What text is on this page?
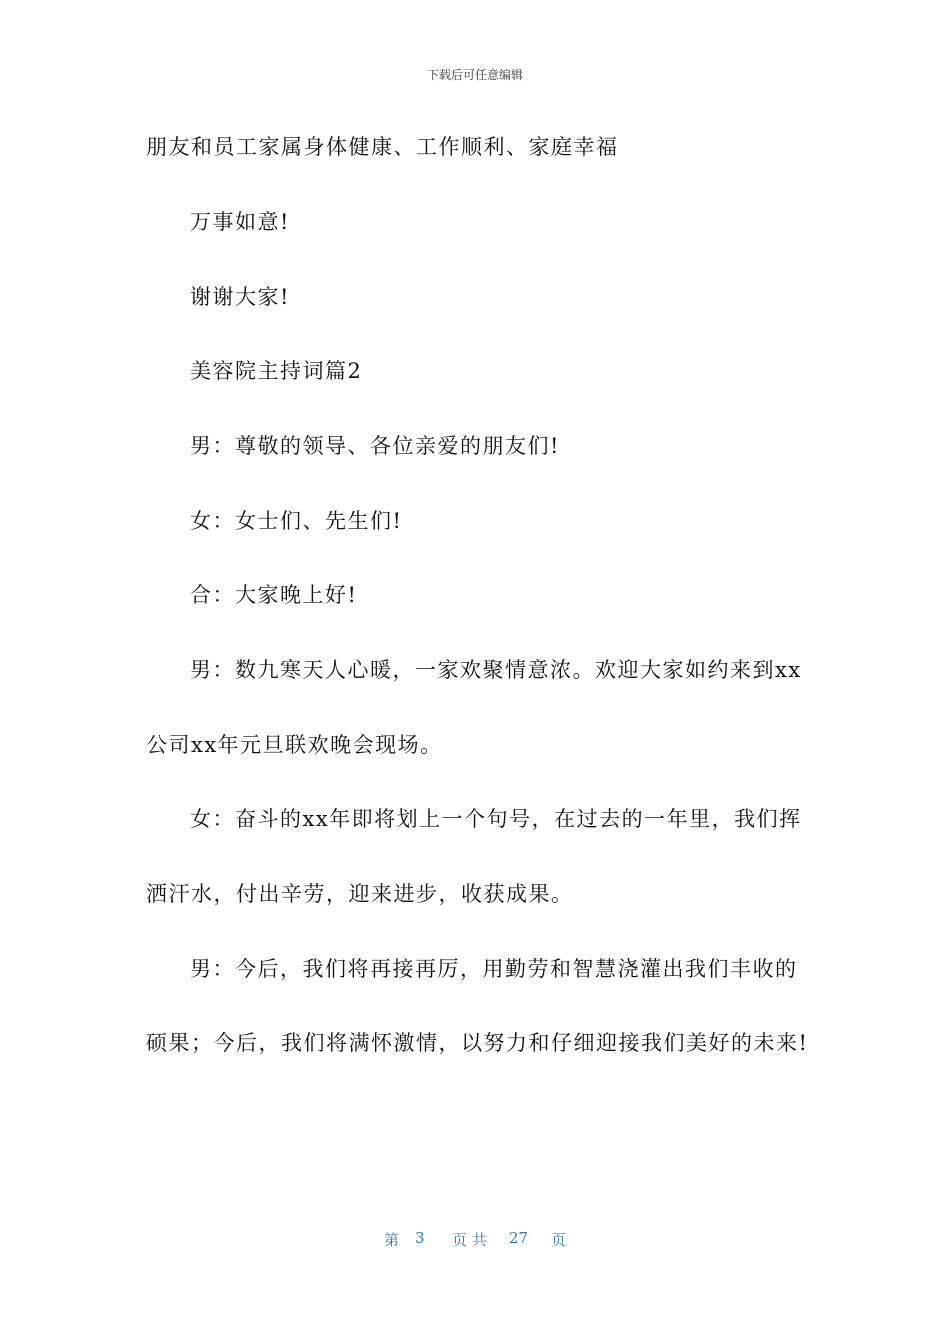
下载后可任意编辑
朋友和员工家属身体健康、工作顺利、家庭幸福
万事如意!
谢谢大家!
美容院主持词篇2
男：尊敬的领导、各位亲爱的朋友们!
女：女士们、先生们!
合：大家晚上好!
男：数九寒天人心暖，一家欢聚情意浓。欢迎大家如约来到xx
公司xx年元旦联欢晚会现场。
女：奋斗的xx年即将划上一个句号，在过去的一年里，我们挥
洒汗水，付出辛劳，迎来进步，收获成果。
男：今后，我们将再接再厉，用勤劳和智慧浇灌出我们丰收的
硕果；今后，我们将满怀激情，以努力和仔细迎接我们美好的未来!
第 3 页 共 27 页
